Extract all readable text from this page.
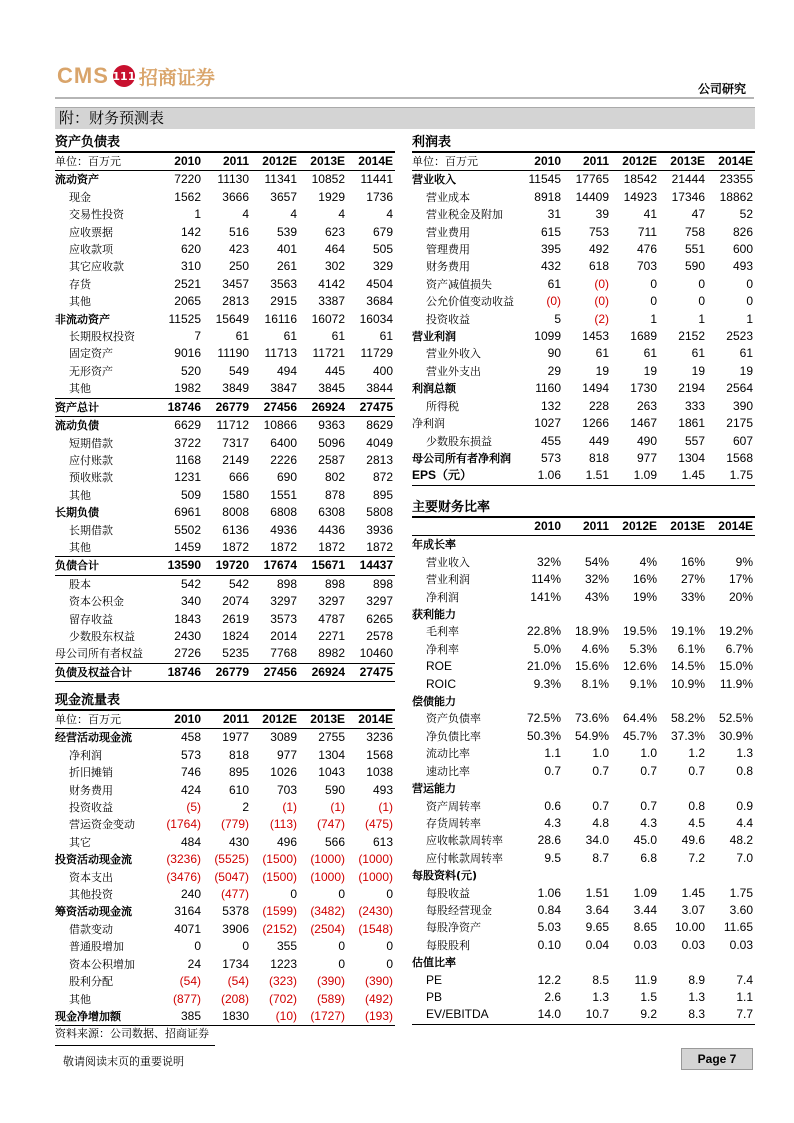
CMS 111 招商证券
公司研究
附：财务预测表
资产负债表
单位：百万元	2010	2011	2012E	2013E	2014E
流动资产	7220	11130	11341	10852	11441
现金	1562	3666	3657	1929	1736
交易性投资	1	4	4	4	4
应收票据	142	516	539	623	679
应收款项	620	423	401	464	505
其它应收款	310	250	261	302	329
存货	2521	3457	3563	4142	4504
其他	2065	2813	2915	3387	3684
非流动资产	11525	15649	16116	16072	16034
长期股权投资	7	61	61	61	61
固定资产	9016	11190	11713	11721	11729
无形资产	520	549	494	445	400
其他	1982	3849	3847	3845	3844
资产总计	18746	26779	27456	26924	27475
流动负债	6629	11712	10866	9363	8629
短期借款	3722	7317	6400	5096	4049
应付账款	1168	2149	2226	2587	2813
预收账款	1231	666	690	802	872
其他	509	1580	1551	878	895
长期负债	6961	8008	6808	6308	5808
长期借款	5502	6136	4936	4436	3936
其他	1459	1872	1872	1872	1872
负债合计	13590	19720	17674	15671	14437
股本	542	542	898	898	898
资本公积金	340	2074	3297	3297	3297
留存收益	1843	2619	3573	4787	6265
少数股东权益	2430	1824	2014	2271	2578
母公司所有者权益	2726	5235	7768	8982	10460
负债及权益合计	18746	26779	27456	26924	27475
现金流量表
单位：百万元	2010	2011	2012E	2013E	2014E
经营活动现金流	458	1977	3089	2755	3236
净利润	573	818	977	1304	1568
折旧摊销	746	895	1026	1043	1038
财务费用	424	610	703	590	493
投资收益	(5)	2	(1)	(1)	(1)
营运资金变动	(1764)	(779)	(113)	(747)	(475)
其它	484	430	496	566	613
投资活动现金流	(3236)	(5525)	(1500)	(1000)	(1000)
资本支出	(3476)	(5047)	(1500)	(1000)	(1000)
其他投资	240	(477)	0	0	0
筹资活动现金流	3164	5378	(1599)	(3482)	(2430)
借款变动	4071	3906	(2152)	(2504)	(1548)
普通股增加	0	0	355	0	0
资本公积增加	24	1734	1223	0	0
股利分配	(54)	(54)	(323)	(390)	(390)
其他	(877)	(208)	(702)	(589)	(492)
现金净增加额	385	1830	(10)	(1727)	(193)
利润表
单位：百万元	2010	2011	2012E	2013E	2014E
营业收入	11545	17765	18542	21444	23355
营业成本	8918	14409	14923	17346	18862
营业税金及附加	31	39	41	47	52
营业费用	615	753	711	758	826
管理费用	395	492	476	551	600
财务费用	432	618	703	590	493
资产减值损失	61	(0)	0	0	0
公允价值变动收益	(0)	(0)	0	0	0
投资收益	5	(2)	1	1	1
营业利润	1099	1453	1689	2152	2523
营业外收入	90	61	61	61	61
营业外支出	29	19	19	19	19
利润总额	1160	1494	1730	2194	2564
所得税	132	228	263	333	390
净利润	1027	1266	1467	1861	2175
少数股东损益	455	449	490	557	607
母公司所有者净利润	573	818	977	1304	1568
EPS（元）	1.06	1.51	1.09	1.45	1.75
主要财务比率
	2010	2011	2012E	2013E	2014E
年成长率					
营业收入	32%	54%	4%	16%	9%
营业利润	114%	32%	16%	27%	17%
净利润	141%	43%	19%	33%	20%
获利能力					
毛利率	22.8%	18.9%	19.5%	19.1%	19.2%
净利率	5.0%	4.6%	5.3%	6.1%	6.7%
ROE	21.0%	15.6%	12.6%	14.5%	15.0%
ROIC	9.3%	8.1%	9.1%	10.9%	11.9%
偿债能力					
资产负债率	72.5%	73.6%	64.4%	58.2%	52.5%
净负债比率	50.3%	54.9%	45.7%	37.3%	30.9%
流动比率	1.1	1.0	1.0	1.2	1.3
速动比率	0.7	0.7	0.7	0.7	0.8
营运能力					
资产周转率	0.6	0.7	0.7	0.8	0.9
存货周转率	4.3	4.8	4.3	4.5	4.4
应收帐款周转率	28.6	34.0	45.0	49.6	48.2
应付帐款周转率	9.5	8.7	6.8	7.2	7.0
每股资料(元)					
每股收益	1.06	1.51	1.09	1.45	1.75
每股经营现金	0.84	3.64	3.44	3.07	3.60
每股净资产	5.03	9.65	8.65	10.00	11.65
每股股利	0.10	0.04	0.03	0.03	0.03
估值比率					
PE	12.2	8.5	11.9	8.9	7.4
PB	2.6	1.3	1.5	1.3	1.1
EV/EBITDA	14.0	10.7	9.2	8.3	7.7
资料来源：公司数据、招商证券
敬请阅读末页的重要说明	Page 7
